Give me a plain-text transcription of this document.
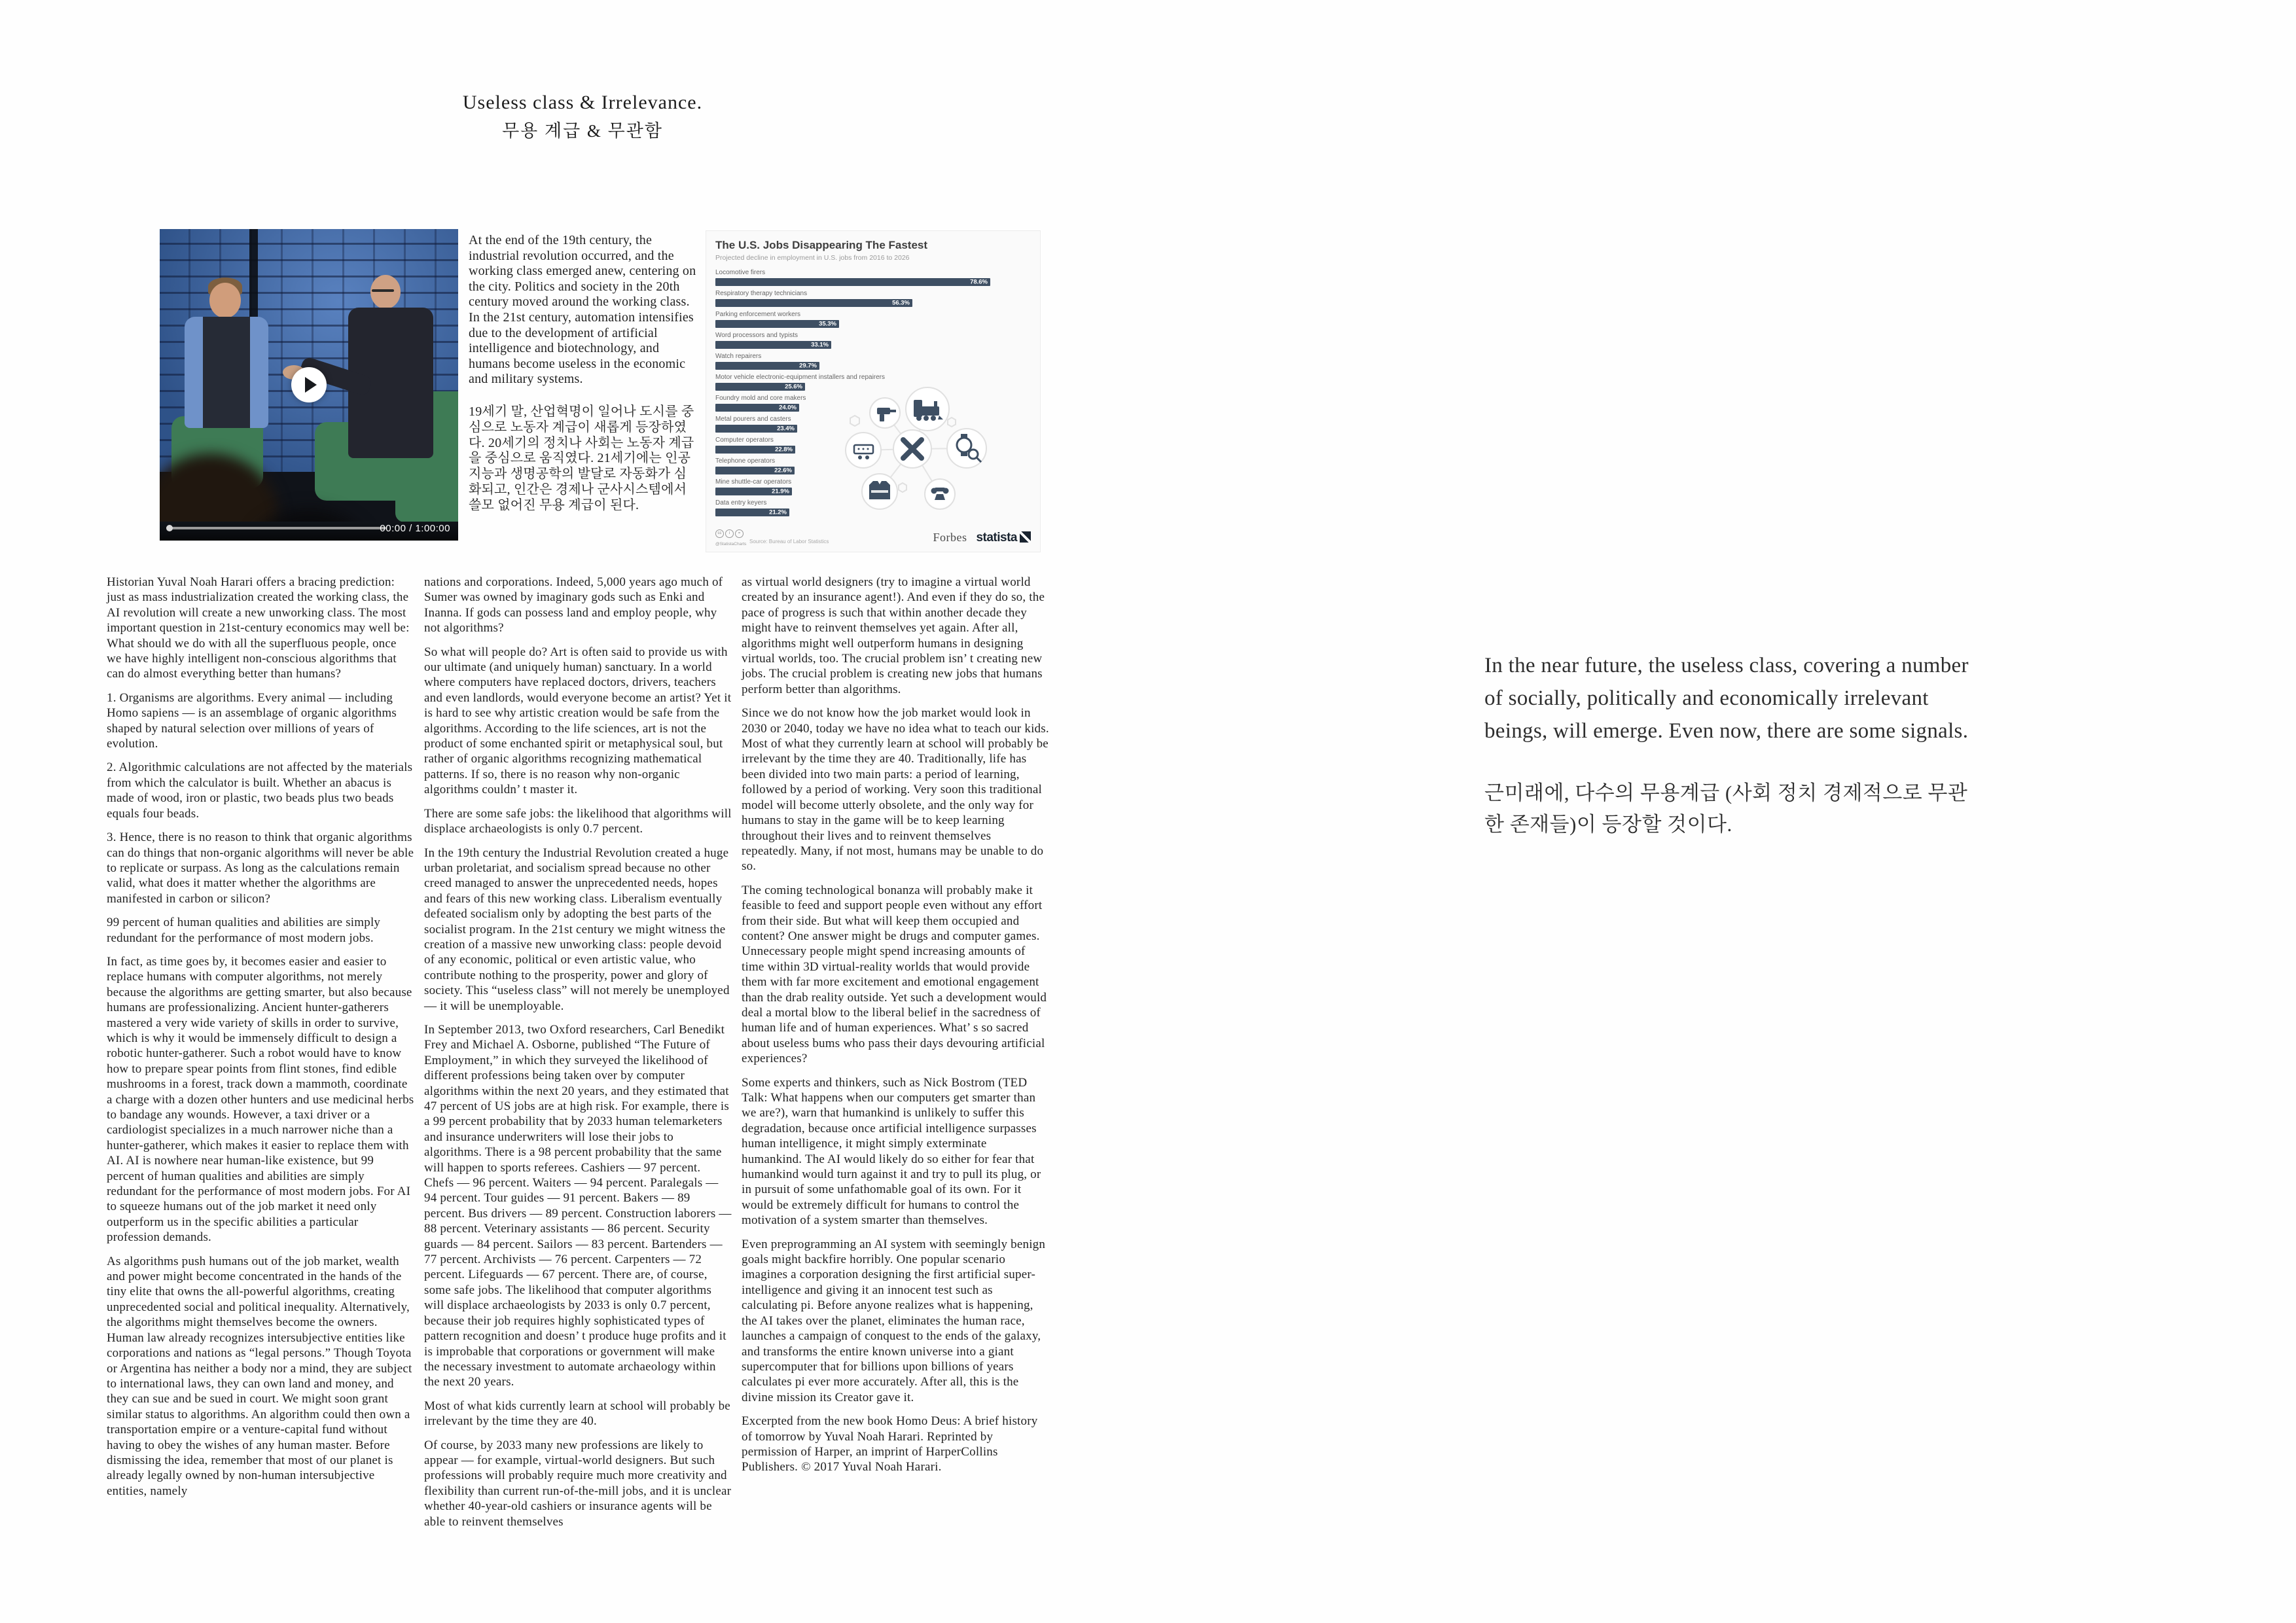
Useless class & Irrelevance.
무용 계급 & 무관함
00:00 / 1:00:00

At the end of the 19th century, the industrial revolution occurred, and the working class emerged anew, centering on the city. Politics and society in the 20th century moved around the working class. In the 21st century, automation intensifies due to the development of artificial intelligence and biotechnology, and humans become useless in the economic and military systems.

19세기 말, 산업혁명이 일어나 도시를 중심으로 노동자 계급이 새롭게 등장하였다. 20세기의 정치나 사회는 노동자 계급을 중심으로 움직였다. 21세기에는 인공지능과 생명공학의 발달로 자동화가 심화되고, 인간은 경제나 군사시스템에서 쓸모 없어진 무용 계급이 된다.

The U.S. Jobs Disappearing The Fastest
Projected decline in employment in U.S. jobs from 2016 to 2026
Locomotive firers
78.6%
Respiratory therapy technicians
56.3%
Parking enforcement workers
35.3%
Word processors and typists
33.1%
Watch repairers
29.7%
Motor vehicle electronic-equipment installers and repairers
25.6%
Foundry mold and core makers
24.0%
Metal pourers and casters
23.4%
Computer operators
22.8%
Telephone operators
22.6%
Mine shuttle-car operators
21.9%
Data entry keyers
21.2%
cc i =
@StatistaCharts Source: Bureau of Labor Statistics	Forbes statista

Historian Yuval Noah Harari offers a bracing prediction: just as mass industrialization created the working class, the AI revolution will create a new unworking class. The most important question in 21st-century economics may well be: What should we do with all the superfluous people, once we have highly intelligent non-conscious algorithms that can do almost everything better than humans?

1. Organisms are algorithms. Every animal — including Homo sapiens — is an assemblage of organic algorithms shaped by natural selection over millions of years of evolution.

2. Algorithmic calculations are not affected by the materials from which the calculator is built. Whether an abacus is made of wood, iron or plastic, two beads plus two beads equals four beads.

3. Hence, there is no reason to think that organic algorithms can do things that non-organic algorithms will never be able to replicate or surpass. As long as the calculations remain valid, what does it matter whether the algorithms are manifested in carbon or silicon?

99 percent of human qualities and abilities are simply redundant for the performance of most modern jobs.

In fact, as time goes by, it becomes easier and easier to replace humans with computer algorithms, not merely because the algorithms are getting smarter, but also because humans are professionalizing. Ancient hunter-gatherers mastered a very wide variety of skills in order to survive, which is why it would be immensely difficult to design a robotic hunter-gatherer. Such a robot would have to know how to prepare spear points from flint stones, find edible mushrooms in a forest, track down a mammoth, coordinate a charge with a dozen other hunters and use medicinal herbs to bandage any wounds. However, a taxi driver or a cardiologist specializes in a much narrower niche than a hunter-gatherer, which makes it easier to replace them with AI. AI is nowhere near human-like existence, but 99 percent of human qualities and abilities are simply redundant for the performance of most modern jobs. For AI to squeeze humans out of the job market it need only outperform us in the specific abilities a particular profession demands.

As algorithms push humans out of the job market, wealth and power might become concentrated in the hands of the tiny elite that owns the all-powerful algorithms, creating unprecedented social and political inequality. Alternatively, the algorithms might themselves become the owners. Human law already recognizes intersubjective entities like corporations and nations as “legal persons.” Though Toyota or Argentina has neither a body nor a mind, they are subject to international laws, they can own land and money, and they can sue and be sued in court. We might soon grant similar status to algorithms. An algorithm could then own a transportation empire or a venture-capital fund without having to obey the wishes of any human master. Before dismissing the idea, remember that most of our planet is already legally owned by non-human intersubjective entities, namely

nations and corporations. Indeed, 5,000 years ago much of Sumer was owned by imaginary gods such as Enki and Inanna. If gods can possess land and employ people, why not algorithms?

So what will people do? Art is often said to provide us with our ultimate (and uniquely human) sanctuary. In a world where computers have replaced doctors, drivers, teachers and even landlords, would everyone become an artist? Yet it is hard to see why artistic creation would be safe from the algorithms. According to the life sciences, art is not the product of some enchanted spirit or metaphysical soul, but rather of organic algorithms recognizing mathematical patterns. If so, there is no reason why non-organic algorithms couldn’ t master it.

There are some safe jobs: the likelihood that algorithms will displace archaeologists is only 0.7 percent.

In the 19th century the Industrial Revolution created a huge urban proletariat, and socialism spread because no other creed managed to answer the unprecedented needs, hopes and fears of this new working class. Liberalism eventually defeated socialism only by adopting the best parts of the socialist program. In the 21st century we might witness the creation of a massive new unworking class: people devoid of any economic, political or even artistic value, who contribute nothing to the prosperity, power and glory of society. This “useless class” will not merely be unemployed — it will be unemployable.

In September 2013, two Oxford researchers, Carl Benedikt Frey and Michael A. Osborne, published “The Future of Employment,” in which they surveyed the likelihood of different professions being taken over by computer algorithms within the next 20 years, and they estimated that 47 percent of US jobs are at high risk. For example, there is a 99 percent probability that by 2033 human telemarketers and insurance underwriters will lose their jobs to algorithms. There is a 98 percent probability that the same will happen to sports referees. Cashiers — 97 percent. Chefs — 96 percent. Waiters — 94 percent. Paralegals — 94 percent. Tour guides — 91 percent. Bakers — 89 percent. Bus drivers — 89 percent. Construction laborers — 88 percent. Veterinary assistants — 86 percent. Security guards — 84 percent. Sailors — 83 percent. Bartenders — 77 percent. Archivists — 76 percent. Carpenters — 72 percent. Lifeguards — 67 percent. There are, of course, some safe jobs. The likelihood that computer algorithms will displace archaeologists by 2033 is only 0.7 percent, because their job requires highly sophisticated types of pattern recognition and doesn’ t produce huge profits and it is improbable that corporations or government will make the necessary investment to automate archaeology within the next 20 years.

Most of what kids currently learn at school will probably be irrelevant by the time they are 40.

Of course, by 2033 many new professions are likely to appear — for example, virtual-world designers. But such professions will probably require much more creativity and flexibility than current run-of-the-mill jobs, and it is unclear whether 40-year-old cashiers or insurance agents will be able to reinvent themselves

as virtual world designers (try to imagine a virtual world created by an insurance agent!). And even if they do so, the pace of progress is such that within another decade they might have to reinvent themselves yet again. After all, algorithms might well outperform humans in designing virtual worlds, too. The crucial problem isn’ t creating new jobs. The crucial problem is creating new jobs that humans perform better than algorithms.

Since we do not know how the job market would look in 2030 or 2040, today we have no idea what to teach our kids. Most of what they currently learn at school will probably be irrelevant by the time they are 40. Traditionally, life has been divided into two main parts: a period of learning, followed by a period of working. Very soon this traditional model will become utterly obsolete, and the only way for humans to stay in the game will be to keep learning throughout their lives and to reinvent themselves repeatedly. Many, if not most, humans may be unable to do so.

The coming technological bonanza will probably make it feasible to feed and support people even without any effort from their side. But what will keep them occupied and content? One answer might be drugs and computer games. Unnecessary people might spend increasing amounts of time within 3D virtual-reality worlds that would provide them with far more excitement and emotional engagement than the drab reality outside. Yet such a development would deal a mortal blow to the liberal belief in the sacredness of human life and of human experiences. What’ s so sacred about useless bums who pass their days devouring artificial experiences?

Some experts and thinkers, such as Nick Bostrom (TED Talk: What happens when our computers get smarter than we are?), warn that humankind is unlikely to suffer this degradation, because once artificial intelligence surpasses human intelligence, it might simply exterminate humankind. The AI would likely do so either for fear that humankind would turn against it and try to pull its plug, or in pursuit of some unfathomable goal of its own. For it would be extremely difficult for humans to control the motivation of a system smarter than themselves.

Even preprogramming an AI system with seemingly benign goals might backfire horribly. One popular scenario imagines a corporation designing the first artificial super-intelligence and giving it an innocent test such as calculating pi. Before anyone realizes what is happening, the AI takes over the planet, eliminates the human race, launches a campaign of conquest to the ends of the galaxy, and transforms the entire known universe into a giant supercomputer that for billions upon billions of years calculates pi ever more accurately. After all, this is the divine mission its Creator gave it.

Excerpted from the new book Homo Deus: A brief history of tomorrow by Yuval Noah Harari. Reprinted by permission of Harper, an imprint of HarperCollins Publishers. © 2017 Yuval Noah Harari.

In the near future, the useless class, covering a number of socially, politically and economically irrelevant beings, will emerge. Even now, there are some signals.
근미래에, 다수의 무용계급 (사회 정치 경제적으로 무관한 존재들)이 등장할 것이다.
